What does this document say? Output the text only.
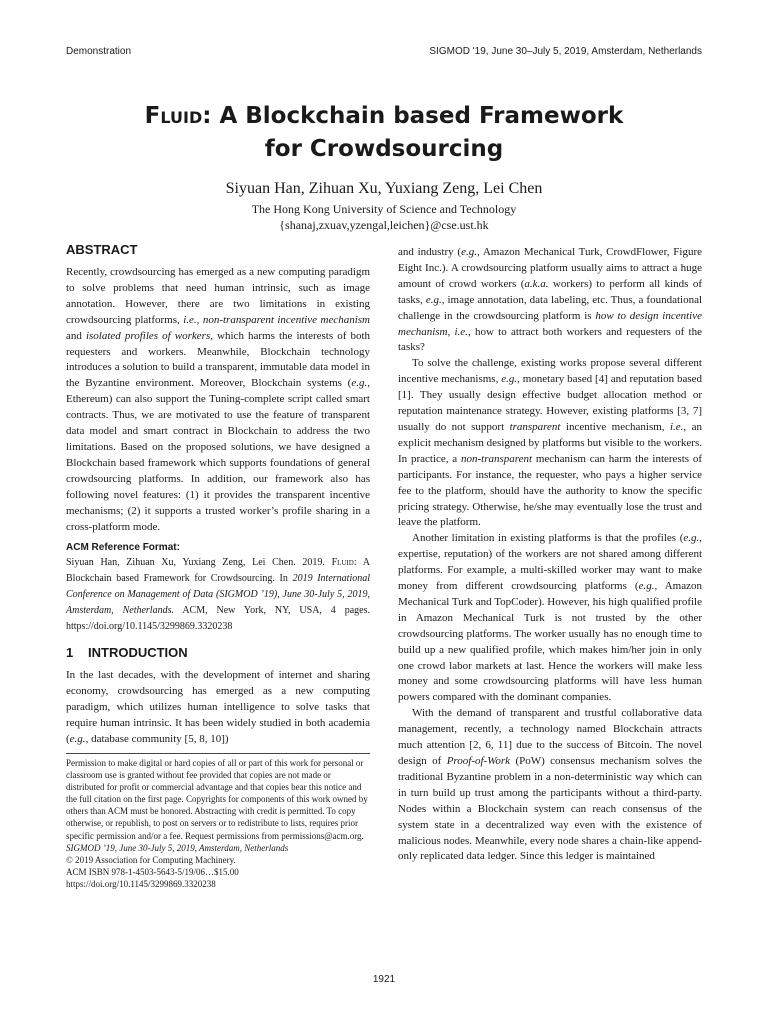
Demonstration	SIGMOD '19, June 30–July 5, 2019, Amsterdam, Netherlands
Fluid: A Blockchain based Framework
for Crowdsourcing
Siyuan Han, Zihuan Xu, Yuxiang Zeng, Lei Chen
The Hong Kong University of Science and Technology
{shanaj,zxuav,yzengal,leichen}@cse.ust.hk
ABSTRACT

Recently, crowdsourcing has emerged as a new computing paradigm to solve problems that need human intrinsic, such as image annotation. However, there are two limitations in existing crowdsourcing platforms, i.e., non-transparent incentive mechanism and isolated profiles of workers, which harms the interests of both requesters and workers. Meanwhile, Blockchain technology introduces a solution to build a transparent, immutable data model in the Byzantine environment. Moreover, Blockchain systems (e.g., Ethereum) can also support the Tuning-complete script called smart contracts. Thus, we are motivated to use the feature of transparent data model and smart contract in Blockchain to address the two limitations. Based on the proposed solutions, we have designed a Blockchain based framework which supports foundations of general crowdsourcing platforms. In addition, our framework also has following novel features: (1) it provides the transparent incentive mechanisms; (2) it supports a trusted worker’s profile sharing in a cross-platform mode.

ACM Reference Format:

Siyuan Han, Zihuan Xu, Yuxiang Zeng, Lei Chen. 2019. Fluid: A Blockchain based Framework for Crowdsourcing. In 2019 International Conference on Management of Data (SIGMOD ’19), June 30-July 5, 2019, Amsterdam, Netherlands. ACM, New York, NY, USA, 4 pages. https://doi.org/10.1145/3299869.3320238

1 INTRODUCTION

In the last decades, with the development of internet and sharing economy, crowdsourcing has emerged as a new computing paradigm, which utilizes human intelligence to solve tasks that require human intrinsic. It has been widely studied in both academia (e.g., database community [5, 8, 10])

Permission to make digital or hard copies of all or part of this work for personal or classroom use is granted without fee provided that copies are not made or distributed for profit or commercial advantage and that copies bear this notice and the full citation on the first page. Copyrights for components of this work owned by others than ACM must be honored. Abstracting with credit is permitted. To copy otherwise, or republish, to post on servers or to redistribute to lists, requires prior specific permission and/or a fee. Request permissions from permissions@acm.org.

SIGMOD ’19, June 30-July 5, 2019, Amsterdam, Netherlands

© 2019 Association for Computing Machinery.

ACM ISBN 978-1-4503-5643-5/19/06…$15.00

https://doi.org/10.1145/3299869.3320238

and industry (e.g., Amazon Mechanical Turk, CrowdFlower, Figure Eight Inc.). A crowdsourcing platform usually aims to attract a huge amount of crowd workers (a.k.a. workers) to perform all kinds of tasks, e.g., image annotation, data labeling, etc. Thus, a foundational challenge in the crowdsourcing platform is how to design incentive mechanism, i.e., how to attract both workers and requesters of the tasks?

To solve the challenge, existing works propose several different incentive mechanisms, e.g., monetary based [4] and reputation based [1]. They usually design effective budget allocation method or reputation maintenance strategy. However, existing platforms [3, 7] usually do not support transparent incentive mechanism, i.e., an explicit mechanism designed by platforms but visible to the workers. In practice, a non-transparent mechanism can harm the interests of participants. For instance, the requester, who pays a higher service fee to the platform, should have the authority to know the specific pricing strategy. Otherwise, he/she may eventually lose the trust and leave the platform.

Another limitation in existing platforms is that the profiles (e.g., expertise, reputation) of the workers are not shared among different platforms. For example, a multi-skilled worker may want to make money from different crowdsourcing platforms (e.g., Amazon Mechanical Turk and TopCoder). However, his high qualified profile in Amazon Mechanical Turk is not trusted by the other crowdsourcing platforms. The worker usually has no enough time to build up a new qualified profile, which makes him/her join in only one crowd labor markets at last. Hence the workers will make less money and some crowdsourcing platforms will have less human powers compared with the dominant companies.

With the demand of transparent and trustful collaborative data management, recently, a technology named Blockchain attracts much attention [2, 6, 11] due to the success of Bitcoin. The novel design of Proof-of-Work (PoW) consensus mechanism solves the traditional Byzantine problem in a non-deterministic way which can in turn build up trust among the participants without a third-party. Nodes within a Blockchain system can reach consensus of the system state in a decentralized way even with the existence of malicious nodes. Meanwhile, every node shares a chain-like append-only replicated data ledger. Since this ledger is maintained

1921
